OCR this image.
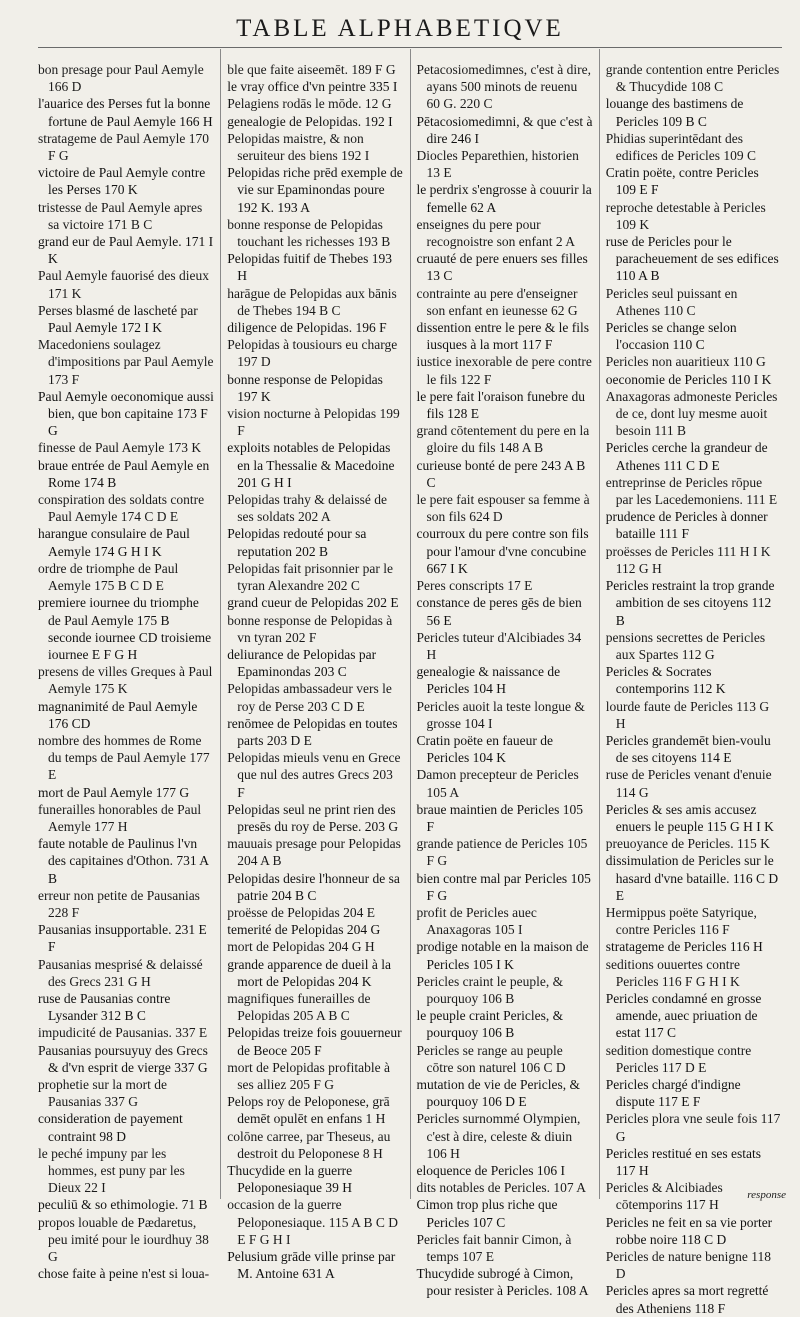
TABLE ALPHABETIQVE

bon presage pour Paul Aemyle 166 D

l'auarice des Perses fut la bonne fortune de Paul Aemyle 166 H

stratageme de Paul Aemyle 170 F G

victoire de Paul Aemyle contre les Perses 170 K

tristesse de Paul Aemyle apres sa victoire 171 B C

grand eur de Paul Aemyle. 171 I K

Paul Aemyle fauorisé des dieux 171 K

Perses blasmé de lascheté par Paul Aemyle 172 I K

Macedoniens soulagez d'impositions par Paul Aemyle 173 F

Paul Aemyle oeconomique aussi bien, que bon capitaine 173 F G

finesse de Paul Aemyle 173 K

braue entrée de Paul Aemyle en Rome 174 B

conspiration des soldats contre Paul Aemyle 174 C D E

harangue consulaire de Paul Aemyle 174 G H I K

ordre de triomphe de Paul Aemyle 175 B C D E

premiere iournee du triomphe de Paul Aemyle 175 B seconde iournee CD troisieme iournee E F G H

presens de villes Greques à Paul Aemyle 175 K

magnanimité de Paul Aemyle 176 CD

nombre des hommes de Rome du temps de Paul Aemyle 177 E

mort de Paul Aemyle 177 G

funerailles honorables de Paul Aemyle 177 H

faute notable de Paulinus l'vn des capitaines d'Othon. 731 A B

erreur non petite de Pausanias 228 F

Pausanias insupportable. 231 E F

Pausanias mesprisé & delaissé des Grecs 231 G H

ruse de Pausanias contre Lysander 312 B C

impudicité de Pausanias. 337 E

Pausanias poursuyuy des Grecs & d'vn esprit de vierge 337 G

prophetie sur la mort de Pausanias 337 G

consideration de payement contraint 98 D

le peché impuny par les hommes, est puny par les Dieux 22 I

peculiū & so ethimologie. 71 B

propos louable de Pædaretus, peu imité pour le iourdhuy 38 G

chose faite à peine n'est si loua-

ble que faite aiseemēt. 189 F G

le vray office d'vn peintre 335 I

Pelagiens rodās le mōde. 12 G

genealogie de Pelopidas. 192 I

Pelopidas maistre, & non seruiteur des biens 192 I

Pelopidas riche prēd exemple de vie sur Epaminondas poure 192 K. 193 A

bonne response de Pelopidas touchant les richesses 193 B

Pelopidas fuitif de Thebes 193 H

harāgue de Pelopidas aux bānis de Thebes 194 B C

diligence de Pelopidas. 196 F

Pelopidas à tousiours eu charge 197 D

bonne response de Pelopidas 197 K

vision nocturne à Pelopidas 199 F

exploits notables de Pelopidas en la Thessalie & Macedoine 201 G H I

Pelopidas trahy & delaissé de ses soldats 202 A

Pelopidas redouté pour sa reputation 202 B

Pelopidas fait prisonnier par le tyran Alexandre 202 C

grand cueur de Pelopidas 202 E

bonne response de Pelopidas à vn tyran 202 F

deliurance de Pelopidas par Epaminondas 203 C

Pelopidas ambassadeur vers le roy de Perse 203 C D E

renōmee de Pelopidas en toutes parts 203 D E

Pelopidas mieuls venu en Grece que nul des autres Grecs 203 F

Pelopidas seul ne print rien des presēs du roy de Perse. 203 G

mauuais presage pour Pelopidas 204 A B

Pelopidas desire l'honneur de sa patrie 204 B C

proësse de Pelopidas 204 E

temerité de Pelopidas 204 G

mort de Pelopidas 204 G H

grande apparence de dueil à la mort de Pelopidas 204 K

magnifiques funerailles de Pelopidas 205 A B C

Pelopidas treize fois gouuerneur de Beoce 205 F

mort de Pelopidas profitable à ses alliez 205 F G

Pelops roy de Peloponese, grā demēt opulēt en enfans 1 H

colōne carree, par Theseus, au destroit du Peloponese 8 H

Thucydide en la guerre Peloponesiaque 39 H

occasion de la guerre Peloponesiaque. 115 A B C D E F G H I

Pelusium grāde ville prinse par M. Antoine 631 A

Petacosiomedimnes, c'est à dire, ayans 500 minots de reuenu 60 G. 220 C

Pētacosiomedimni, & que c'est à dire 246 I

Diocles Peparethien, historien 13 E

le perdrix s'engrosse à couurir la femelle 62 A

enseignes du pere pour recognoistre son enfant 2 A

cruauté de pere enuers ses filles 13 C

contrainte au pere d'enseigner son enfant en ieunesse 62 G

dissention entre le pere & le fils iusques à la mort 117 F

iustice inexorable de pere contre le fils 122 F

le pere fait l'oraison funebre du fils 128 E

grand cōtentement du pere en la gloire du fils 148 A B

curieuse bonté de pere 243 A B C

le pere fait espouser sa femme à son fils 624 D

courroux du pere contre son fils pour l'amour d'vne concubine 667 I K

Peres conscripts 17 E

constance de peres gēs de bien 56 E

Pericles tuteur d'Alcibiades 34 H

genealogie & naissance de Pericles 104 H

Pericles auoit la teste longue & grosse 104 I

Cratin poëte en faueur de Pericles 104 K

Damon precepteur de Pericles 105 A

braue maintien de Pericles 105 F

grande patience de Pericles 105 F G

bien contre mal par Pericles 105 F G

profit de Pericles auec Anaxagoras 105 I

prodige notable en la maison de Pericles 105 I K

Pericles craint le peuple, & pourquoy 106 B

le peuple craint Pericles, & pourquoy 106 B

Pericles se range au peuple cōtre son naturel 106 C D

mutation de vie de Pericles, & pourquoy 106 D E

Pericles surnommé Olympien, c'est à dire, celeste & diuin 106 H

eloquence de Pericles 106 I

dits notables de Pericles. 107 A

Cimon trop plus riche que Pericles 107 C

Pericles fait bannir Cimon, à temps 107 E

Thucydide subrogé à Cimon, pour resister à Pericles. 108 A

grande contention entre Pericles & Thucydide 108 C

louange des bastimens de Pericles 109 B C

Phidias superintēdant des edifices de Pericles 109 C

Cratin poëte, contre Pericles 109 E F

reproche detestable à Pericles 109 K

ruse de Pericles pour le paracheuement de ses edifices 110 A B

Pericles seul puissant en Athenes 110 C

Pericles se change selon l'occasion 110 C

Pericles non auaritieux 110 G

oeconomie de Pericles 110 I K

Anaxagoras admoneste Pericles de ce, dont luy mesme auoit besoin 111 B

Pericles cerche la grandeur de Athenes 111 C D E

entreprinse de Pericles rōpue par les Lacedemoniens. 111 E

prudence de Pericles à donner bataille 111 F

proësses de Pericles 111 H I K 112 G H

Pericles restraint la trop grande ambition de ses citoyens 112 B

pensions secrettes de Pericles aux Spartes 112 G

Pericles & Socrates contemporins 112 K

lourde faute de Pericles 113 G H

Pericles grandemēt bien-voulu de ses citoyens 114 E

ruse de Pericles venant d'enuie 114 G

Pericles & ses amis accusez enuers le peuple 115 G H I K

preuoyance de Pericles. 115 K

dissimulation de Pericles sur le hasard d'vne bataille. 116 C D E

Hermippus poëte Satyrique, contre Pericles 116 F

stratageme de Pericles 116 H

seditions ouuertes contre Pericles 116 F G H I K

Pericles condamné en grosse amende, auec priuation de estat 117 C

sedition domestique contre Pericles 117 D E

Pericles chargé d'indigne dispute 117 E F

Pericles plora vne seule fois 117 G

Pericles restitué en ses estats 117 H

Pericles & Alcibiades cōtemporins 117 H

Pericles ne feit en sa vie porter robbe noire 118 C D

Pericles de nature benigne 118 D

Pericles apres sa mort regretté des Atheniens 118 F

response
